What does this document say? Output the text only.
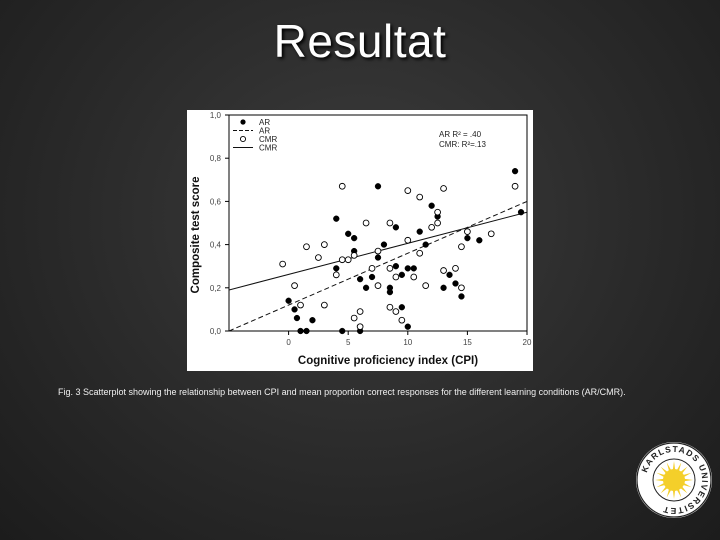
Resultat
0,0
0,2
0,4
0,6
0,8
1,0
0	5	10	15	20
AR
AR
CMR
CMR
Cognitive proficiency index (CPI)
Composite test score
AR R² = .40
CMR: R²=.13
Fig. 3 Scatterplot showing the relationship between CPI and mean proportion correct responses for the different learning conditions (AR/CMR).
KARLSTADS UNIVERSITET
